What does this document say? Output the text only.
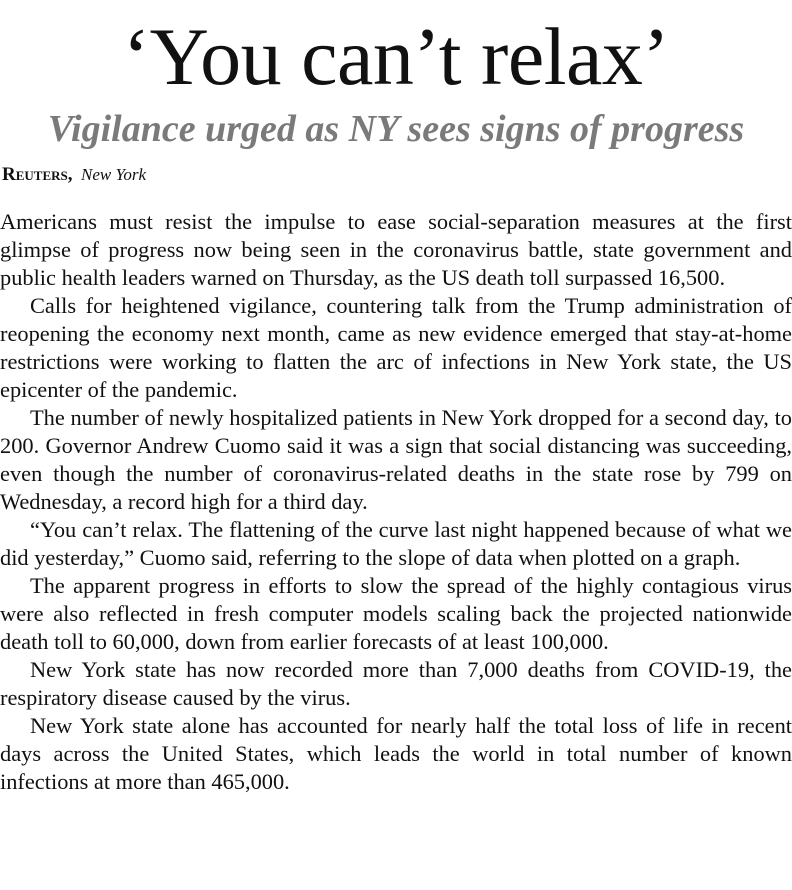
‘You can’t relax’
Vigilance urged as NY sees signs of progress
Reuters, New York

Americans must resist the impulse to ease social-separation measures at the first glimpse of progress now being seen in the coronavirus battle, state government and public health leaders warned on Thursday, as the US death toll surpassed 16,500.

Calls for heightened vigilance, countering talk from the Trump administration of reopening the economy next month, came as new evidence emerged that stay-at-home restrictions were working to flatten the arc of infections in New York state, the US epicenter of the pandemic.

The number of newly hospitalized patients in New York dropped for a second day, to 200. Governor Andrew Cuomo said it was a sign that social distancing was succeeding, even though the number of coronavirus-related deaths in the state rose by 799 on Wednesday, a record high for a third day.

“You can’t relax. The flattening of the curve last night happened because of what we did yesterday,” Cuomo said, referring to the slope of data when plotted on a graph.

The apparent progress in efforts to slow the spread of the highly contagious virus were also reflected in fresh computer models scaling back the projected nationwide death toll to 60,000, down from earlier forecasts of at least 100,000.

New York state has now recorded more than 7,000 deaths from COVID-19, the respiratory disease caused by the virus.

New York state alone has accounted for nearly half the total loss of life in recent days across the United States, which leads the world in total number of known infections at more than 465,000.
